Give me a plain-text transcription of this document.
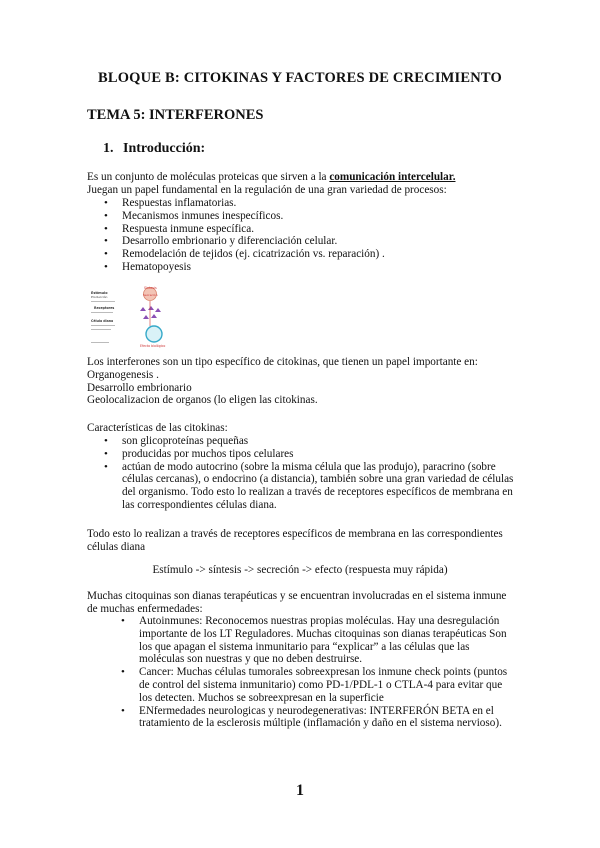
BLOQUE B: CITOKINAS Y FACTORES DE CRECIMIENTO
TEMA 5: INTERFERONES
1. Introducción:
Es un conjunto de moléculas proteicas que sirven a la comunicación intercelular.
Juegan un papel fundamental en la regulación de una gran variedad de procesos:
• Respuestas inflamatorias.
• Mecanismos inmunes inespecíficos.
• Respuesta inmune específica.
• Desarrollo embrionario y diferenciación celular.
• Remodelación de tejidos (ej. cicatrización vs. reparación) .
• Hematopoyesis
Estímulo
Producción
Receptores
Célula diana
Síntesis
Secreción
Efecto biológico
Los interferones son un tipo específico de citokinas, que tienen un papel importante en:
Organogenesis .
Desarrollo embrionario
Geolocalizacion de organos (lo eligen las citokinas.
Características de las citokinas:
• son glicoproteínas pequeñas
• producidas por muchos tipos celulares
• actúan de modo autocrino (sobre la misma célula que las produjo), paracrino (sobre células cercanas), o endocrino (a distancia), también sobre una gran variedad de células del organismo. Todo esto lo realizan a través de receptores específicos de membrana en las correspondientes células diana.
Todo esto lo realizan a través de receptores específicos de membrana en las correspondientes células diana
Estímulo -> síntesis -> secreción -> efecto (respuesta muy rápida)
Muchas citoquinas son dianas terapéuticas y se encuentran involucradas en el sistema inmune de muchas enfermedades:
• Autoinmunes: Reconocemos nuestras propias moléculas. Hay una desregulación importante de los LT Reguladores. Muchas citoquinas son dianas terapéuticas Son los que apagan el sistema inmunitario para “explicar” a las células que las moléculas son nuestras y que no deben destruirse.
• Cancer: Muchas células tumorales sobreexpresan los inmune check points (puntos de control del sistema inmunitario) como PD-1/PDL-1 o CTLA-4 para evitar que los detecten. Muchos se sobreexpresan en la superficie
• ENfermedades neurologicas y neurodegenerativas: INTERFERÓN BETA en el tratamiento de la esclerosis múltiple (inflamación y daño en el sistema nervioso).
1
